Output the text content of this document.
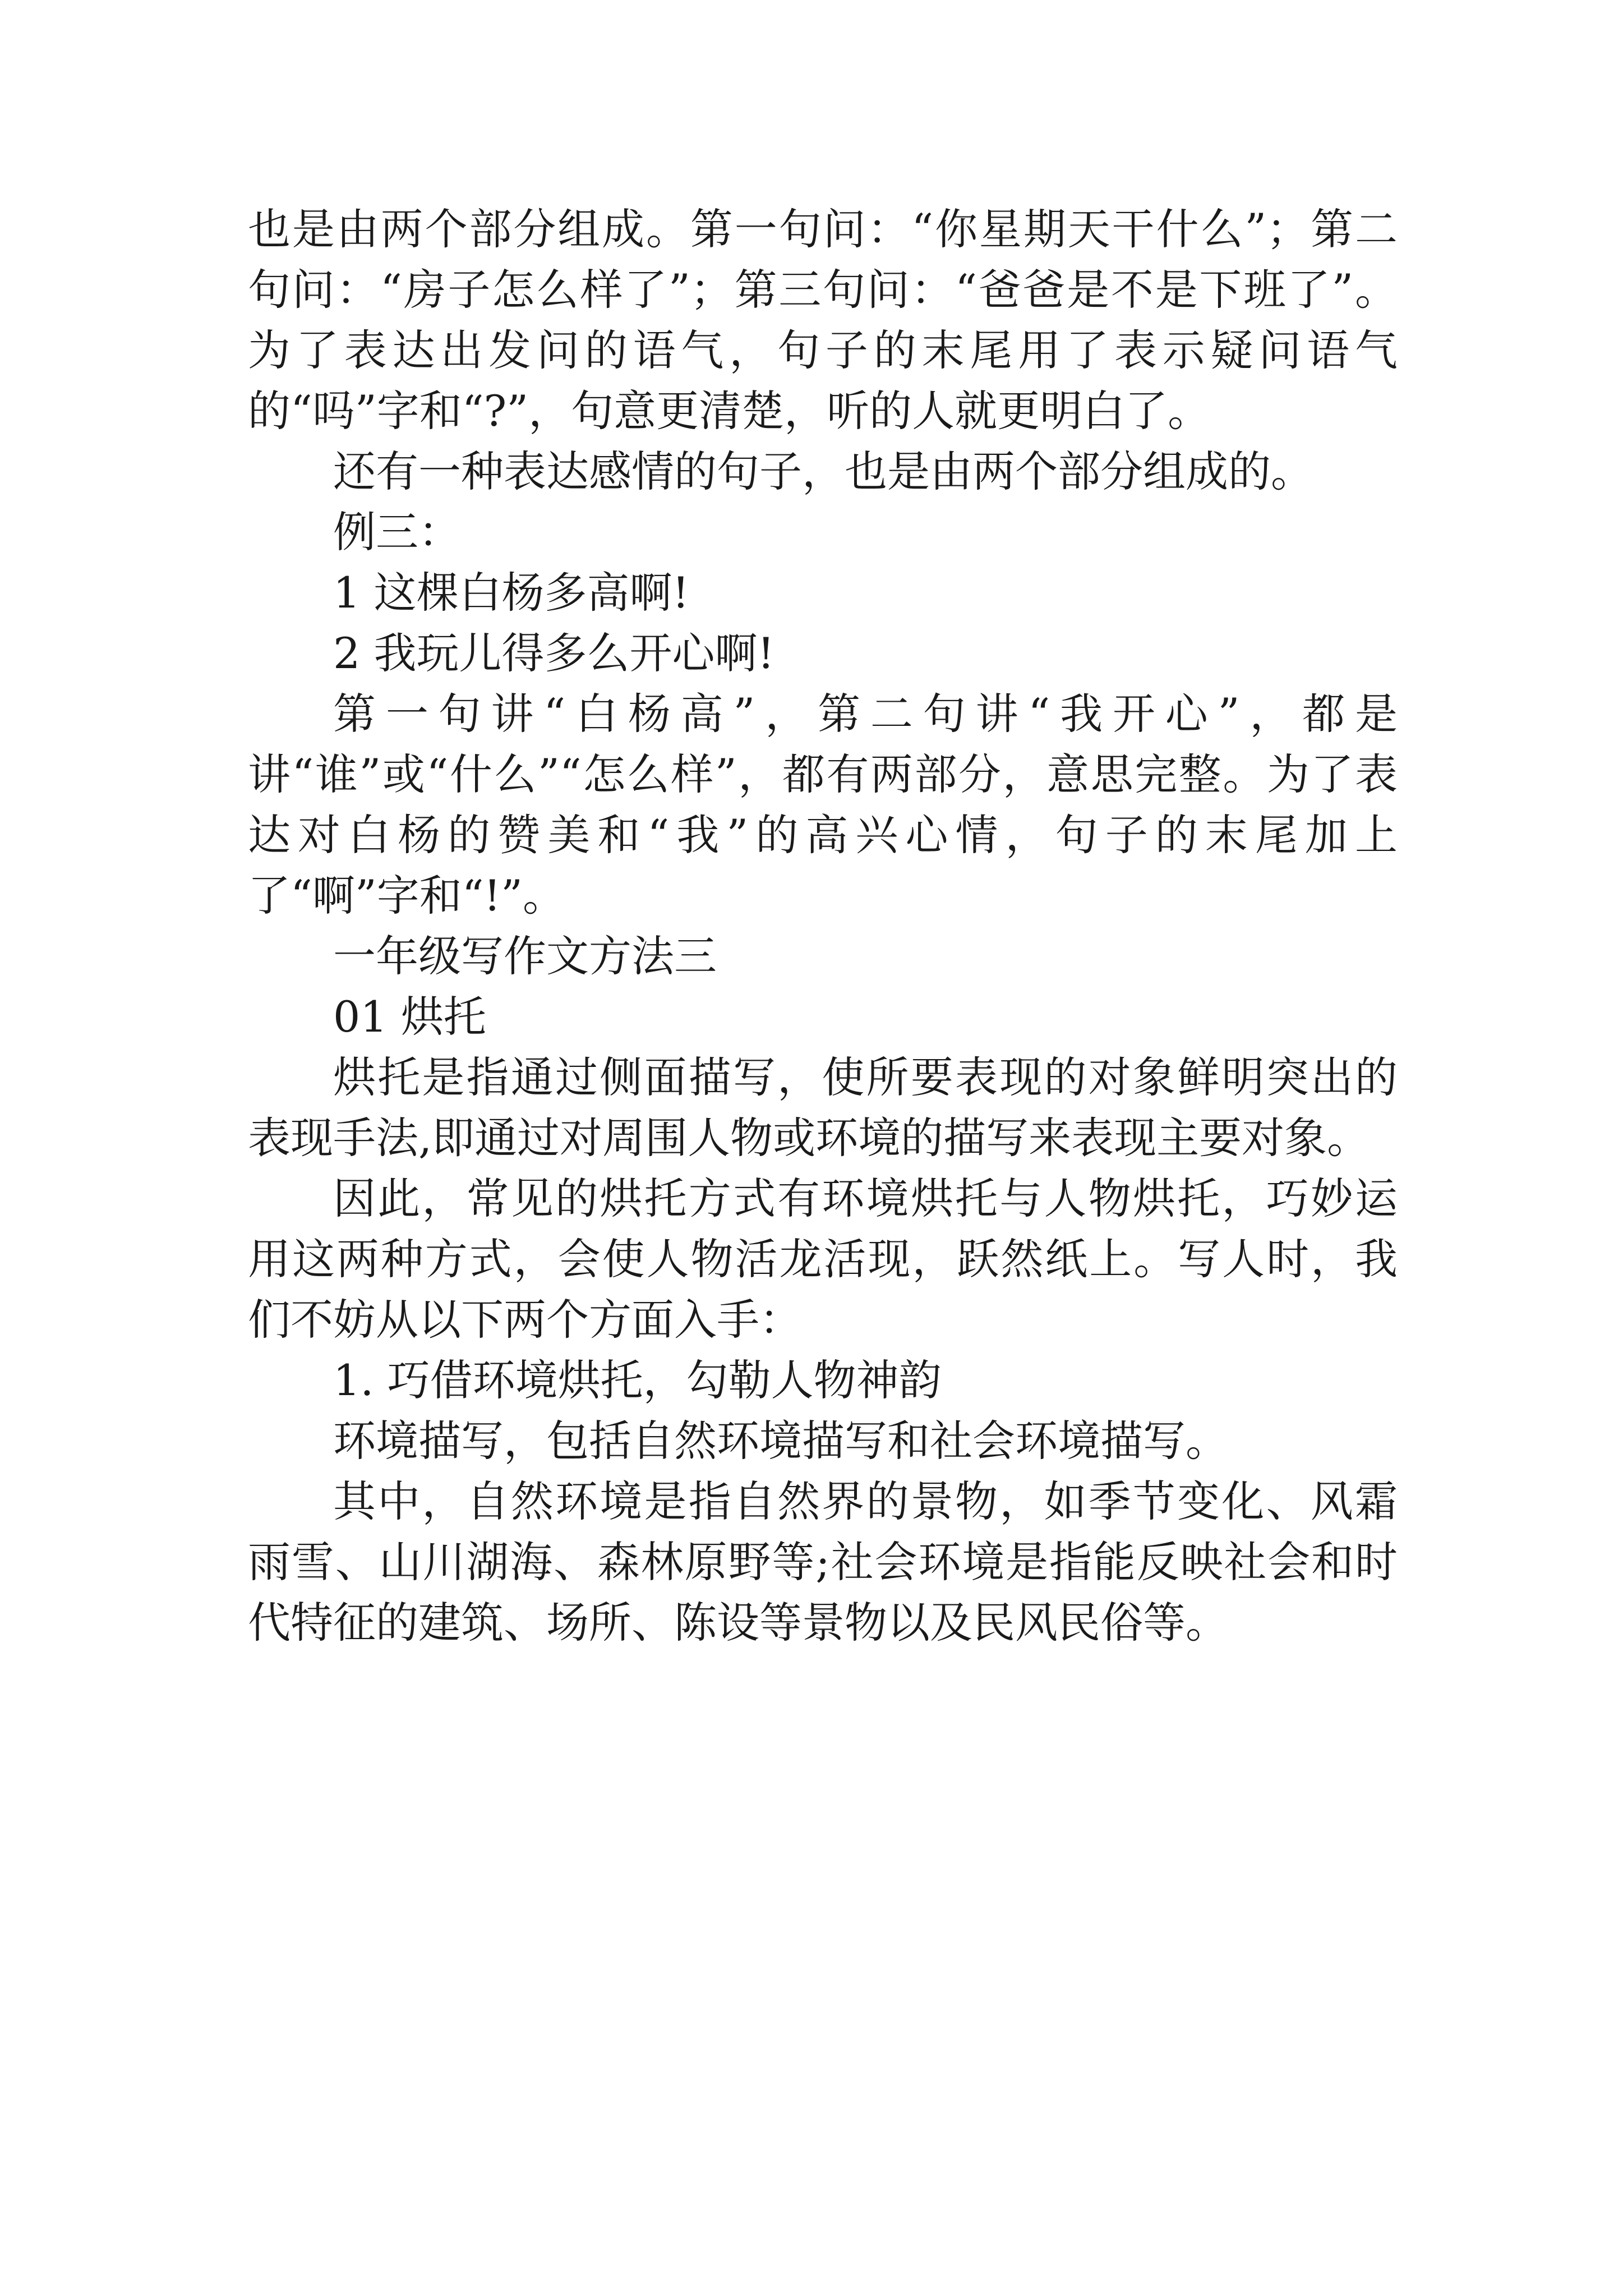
也是由两个部分组成。第一句问：“你星期天干什么”；第二句问：“房子怎么样了”；第三句问：“爸爸是不是下班了”。为了表达出发问的语气，句子的末尾用了表示疑问语气的“吗”字和“?”，句意更清楚，听的人就更明白了。

还有一种表达感情的句子，也是由两个部分组成的。

例三：

1 这棵白杨多高啊!

2 我玩儿得多么开心啊!

第一句讲“白杨高”，第二句讲“我开心”，都是讲“谁”或“什么”“怎么样”，都有两部分，意思完整。为了表达对白杨的赞美和“我”的高兴心情，句子的末尾加上了“啊”字和“!”。

一年级写作文方法三

01 烘托

烘托是指通过侧面描写，使所要表现的对象鲜明突出的表现手法,即通过对周围人物或环境的描写来表现主要对象。

因此，常见的烘托方式有环境烘托与人物烘托，巧妙运用这两种方式，会使人物活龙活现，跃然纸上。写人时，我们不妨从以下两个方面入手：

1. 巧借环境烘托，勾勒人物神韵

环境描写，包括自然环境描写和社会环境描写。

其中，自然环境是指自然界的景物，如季节变化、风霜雨雪、山川湖海、森林原野等;社会环境是指能反映社会和时代特征的建筑、场所、陈设等景物以及民风民俗等。
